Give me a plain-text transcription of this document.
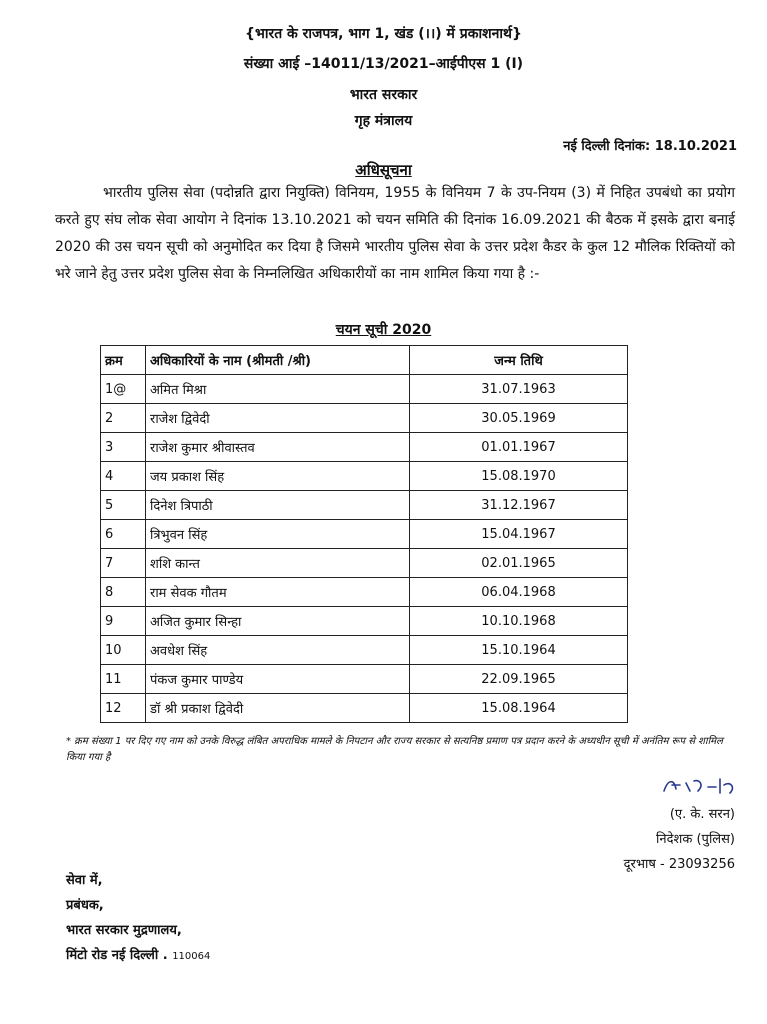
{भारत के राजपत्र, भाग 1, खंड (।।) में प्रकाशनार्थ}
संख्या आई –14011/13/2021–आईपीएस 1 (I)
भारत सरकार
गृह मंत्रालय
नई दिल्ली दिनांक: 18.10.2021
अधिसूचना
भारतीय पुलिस सेवा (पदोन्नति द्वारा नियुक्ति) विनियम, 1955 के विनियम 7 के उप-नियम (3) में निहित उपबंधो का प्रयोग करते हुए संघ लोक सेवा आयोग ने दिनांक 13.10.2021 को चयन समिति की दिनांक 16.09.2021 की बैठक में इसके द्वारा बनाई 2020 की उस चयन सूची को अनुमोदित कर दिया है जिसमे भारतीय पुलिस सेवा के उत्तर प्रदेश कैडर के कुल 12 मौलिक रिक्तियों को भरे जाने हेतु उत्तर प्रदेश पुलिस सेवा के निम्नलिखित अधिकारीयों का नाम शामिल किया गया है :-
चयन सूची 2020
क्रम	अधिकारियों के नाम (श्रीमती /श्री)	जन्म तिथि
1@	अमित मिश्रा	31.07.1963
2	राजेश द्विवेदी	30.05.1969
3	राजेश कुमार श्रीवास्तव	01.01.1967
4	जय प्रकाश सिंह	15.08.1970
5	दिनेश त्रिपाठी	31.12.1967
6	त्रिभुवन सिंह	15.04.1967
7	शशि कान्त	02.01.1965
8	राम सेवक गौतम	06.04.1968
9	अजित कुमार सिन्हा	10.10.1968
10	अवधेश सिंह	15.10.1964
11	पंकज कुमार पाण्डेय	22.09.1965
12	डॉ श्री प्रकाश द्विवेदी	15.08.1964
* क्रम संख्या 1 पर दिए गए नाम को उनके विरुद्ध लंबित अपराधिक मामले के निपटान और राज्य सरकार से सत्यनिष्ठ प्रमाण पत्र प्रदान करने के अध्यधीन सूची में अनंतिम रूप से शामिल किया गया है
(ए. के. सरन)
निदेशक (पुलिस)
दूरभाष - 23093256
सेवा में,
प्रबंधक,
भारत सरकार मुद्रणालय,
मिंटो रोड नई दिल्ली . 110064
